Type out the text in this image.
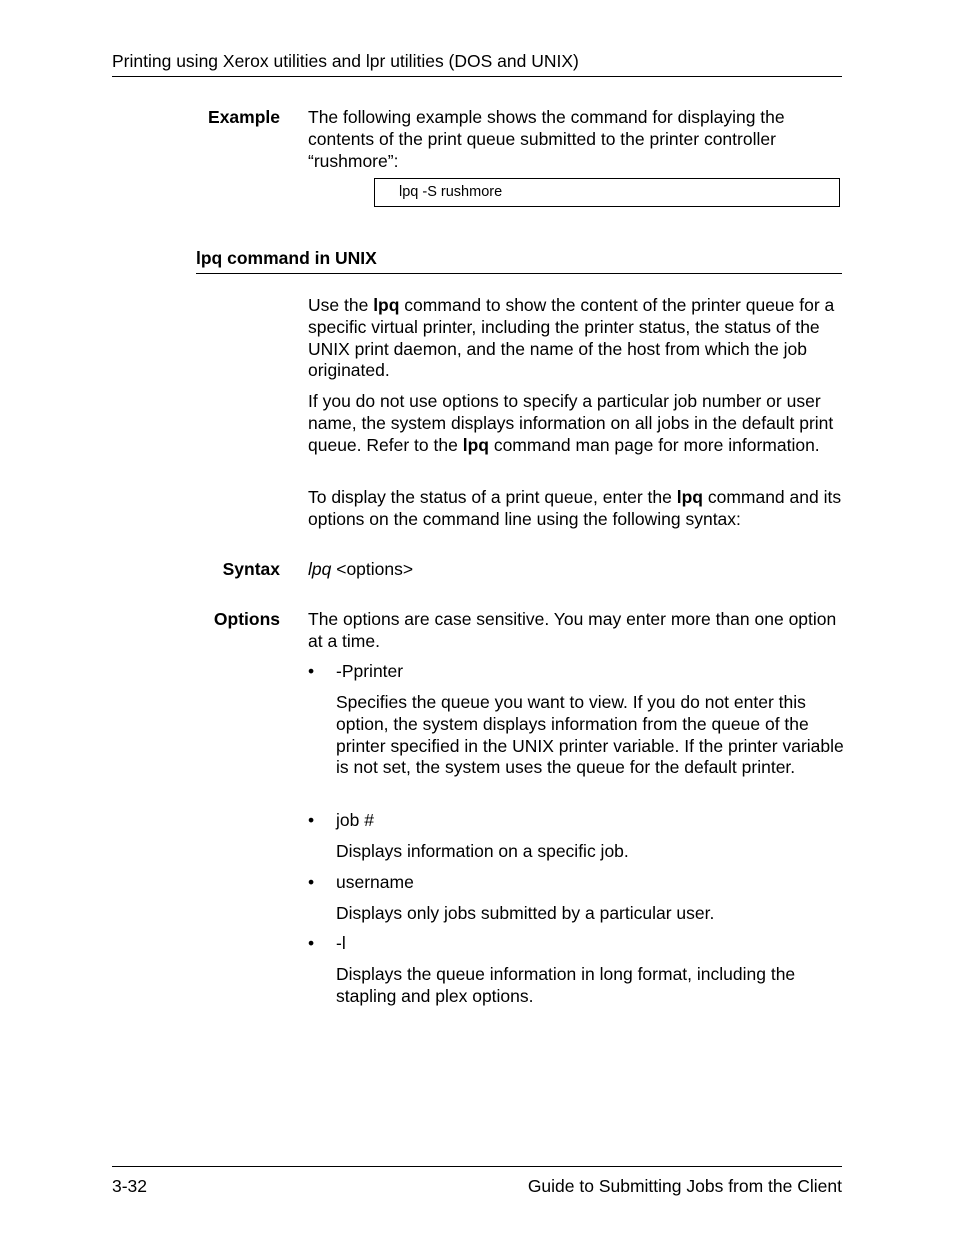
Printing using Xerox utilities and lpr utilities (DOS and UNIX)
Example The following example shows the command for displaying the contents of the print queue submitted to the printer controller “rushmore”:

lpq -S rushmore
lpq command in UNIX

Use the lpq command to show the content of the printer queue for a specific virtual printer, including the printer status, the status of the UNIX print daemon, and the name of the host from which the job originated.

If you do not use options to specify a particular job number or user name, the system displays information on all jobs in the default print queue. Refer to the lpq command man page for more information.

To display the status of a print queue, enter the lpq command and its options on the command line using the following syntax:

Syntax lpq <options>

Options The options are case sensitive. You may enter more than one option at a time.

• -Pprinter

Specifies the queue you want to view. If you do not enter this option, the system displays information from the queue of the printer specified in the UNIX printer variable. If the printer variable is not set, the system uses the queue for the default printer.

• job #

Displays information on a specific job.

• username

Displays only jobs submitted by a particular user.

• -l

Displays the queue information in long format, including the stapling and plex options.

3-32	Guide to Submitting Jobs from the Client
